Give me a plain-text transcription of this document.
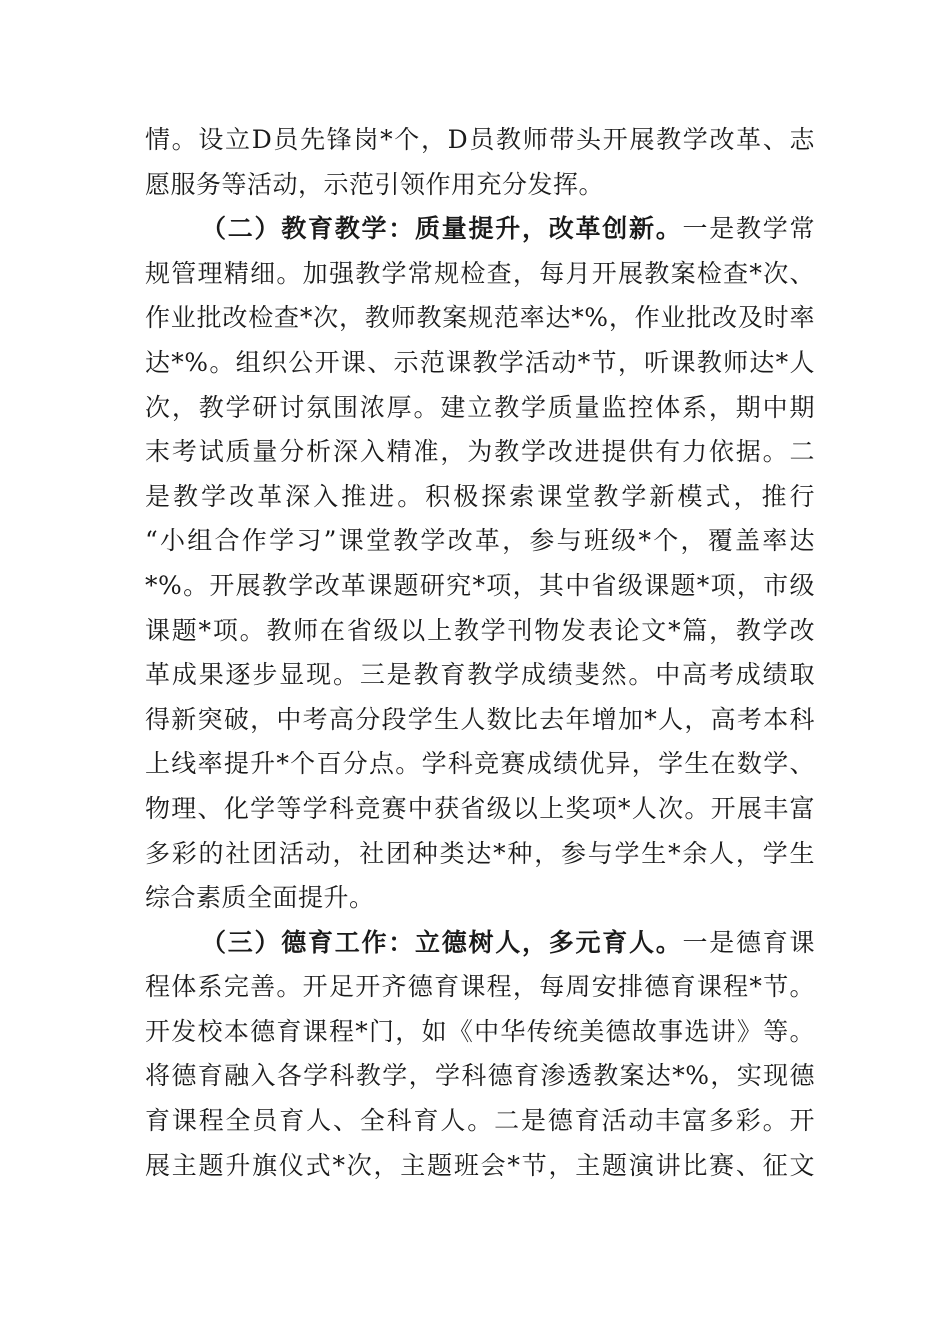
情。设立D员先锋岗*个，D员教师带头开展教学改革、志
愿服务等活动，示范引领作用充分发挥。
（二）教育教学：质量提升，改革创新。一是教学常
规管理精细。加强教学常规检查，每月开展教案检查*次、
作业批改检查*次，教师教案规范率达*%，作业批改及时率
达*%。组织公开课、示范课教学活动*节，听课教师达*人
次，教学研讨氛围浓厚。建立教学质量监控体系，期中期
末考试质量分析深入精准，为教学改进提供有力依据。二
是教学改革深入推进。积极探索课堂教学新模式，推行
“小组合作学习”课堂教学改革，参与班级*个，覆盖率达
*%。开展教学改革课题研究*项，其中省级课题*项，市级
课题*项。教师在省级以上教学刊物发表论文*篇，教学改
革成果逐步显现。三是教育教学成绩斐然。中高考成绩取
得新突破，中考高分段学生人数比去年增加*人，高考本科
上线率提升*个百分点。学科竞赛成绩优异，学生在数学、
物理、化学等学科竞赛中获省级以上奖项*人次。开展丰富
多彩的社团活动，社团种类达*种，参与学生*余人，学生
综合素质全面提升。
（三）德育工作：立德树人，多元育人。一是德育课
程体系完善。开足开齐德育课程，每周安排德育课程*节。
开发校本德育课程*门，如《中华传统美德故事选讲》等。
将德育融入各学科教学，学科德育渗透教案达*%，实现德
育课程全员育人、全科育人。二是德育活动丰富多彩。开
展主题升旗仪式*次，主题班会*节，主题演讲比赛、征文
